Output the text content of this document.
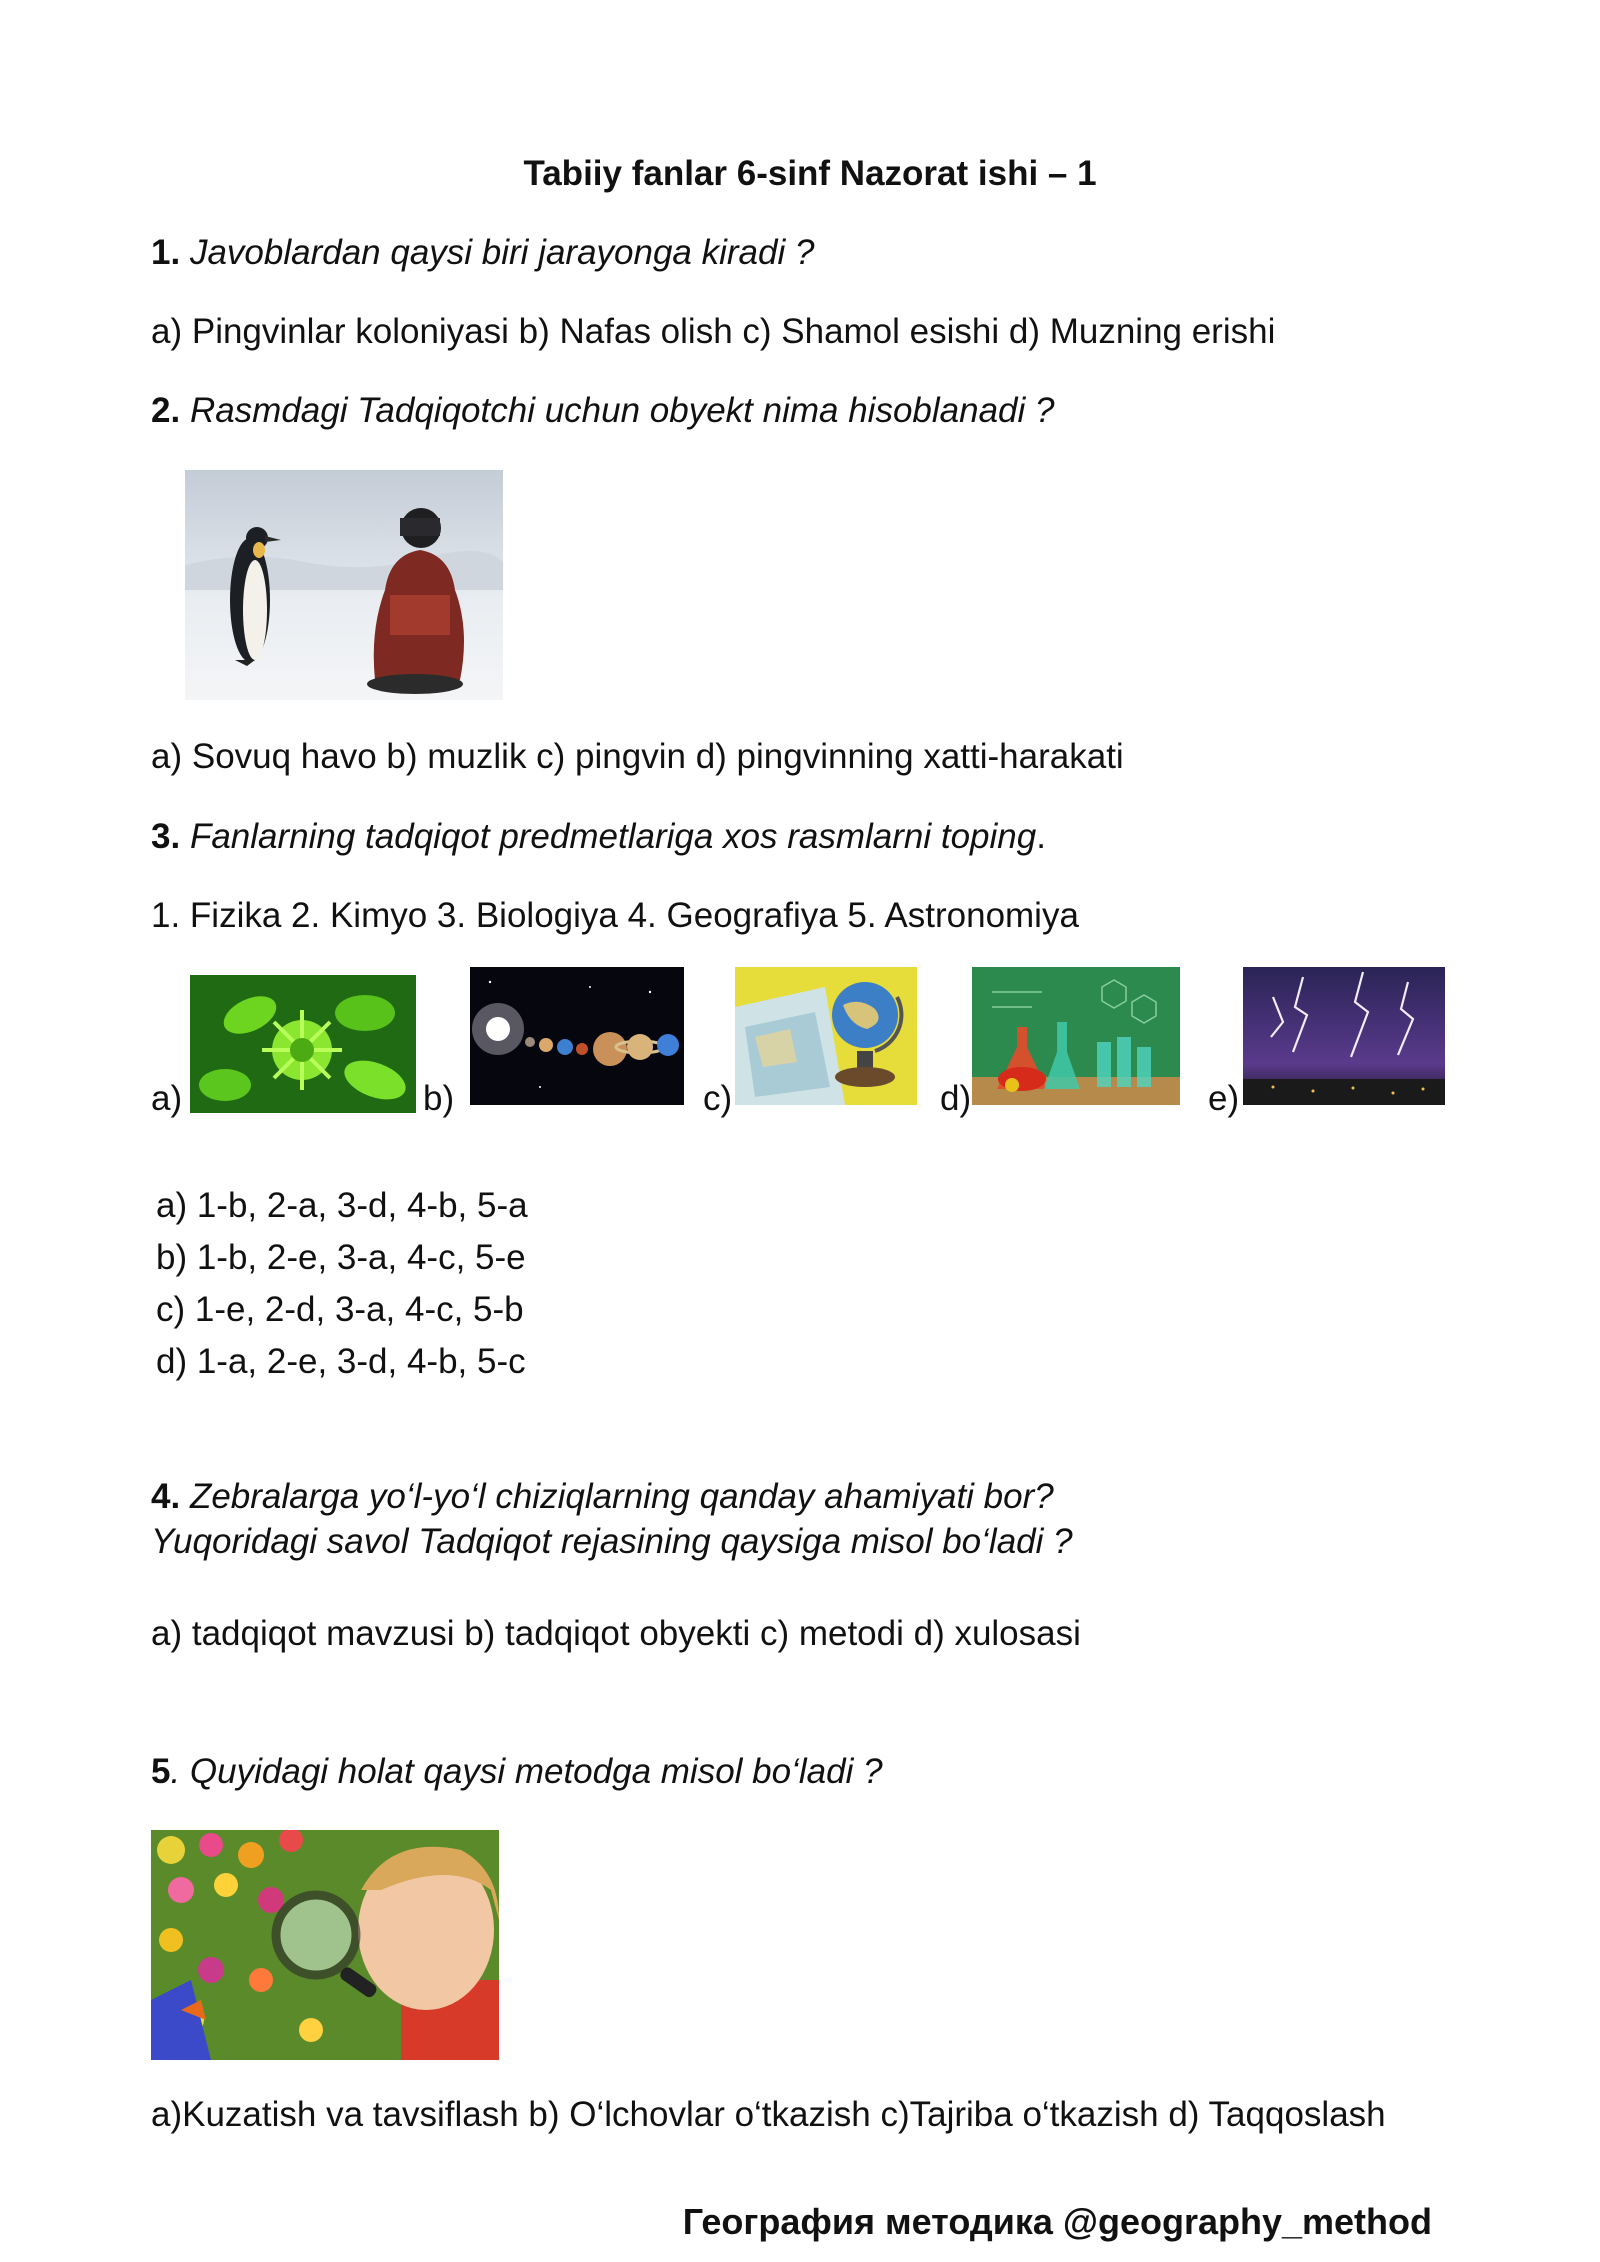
Tabiiy fanlar 6-sinf Nazorat ishi – 1
1. Javoblardan qaysi biri jarayonga kiradi ?
a) Pingvinlar koloniyasi b) Nafas olish c) Shamol esishi d) Muzning erishi
2. Rasmdagi Tadqiqotchi uchun obyekt nima hisoblanadi ?
a) Sovuq havo b) muzlik c) pingvin d) pingvinning xatti-harakati
3. Fanlarning tadqiqot predmetlariga xos rasmlarni toping.
1. Fizika 2. Kimyo 3. Biologiya 4. Geografiya 5. Astronomiya
a)	b)	c)	d)	e)
a) 1-b, 2-a, 3-d, 4-b, 5-a
b) 1-b, 2-e, 3-a, 4-c, 5-e
c) 1-e, 2-d, 3-a, 4-c, 5-b
d) 1-a, 2-e, 3-d, 4-b, 5-c
4. Zebralarga yo‘l-yo‘l chiziqlarning qanday ahamiyati bor?
Yuqoridagi savol Tadqiqot rejasining qaysiga misol bo‘ladi ?
a) tadqiqot mavzusi b) tadqiqot obyekti c) metodi d) xulosasi
5. Quyidagi holat qaysi metodga misol bo‘ladi ?
a)Kuzatish va tavsiflash b) O‘lchovlar o‘tkazish c)Tajriba o‘tkazish d) Taqqoslash
География методика @geography_method
